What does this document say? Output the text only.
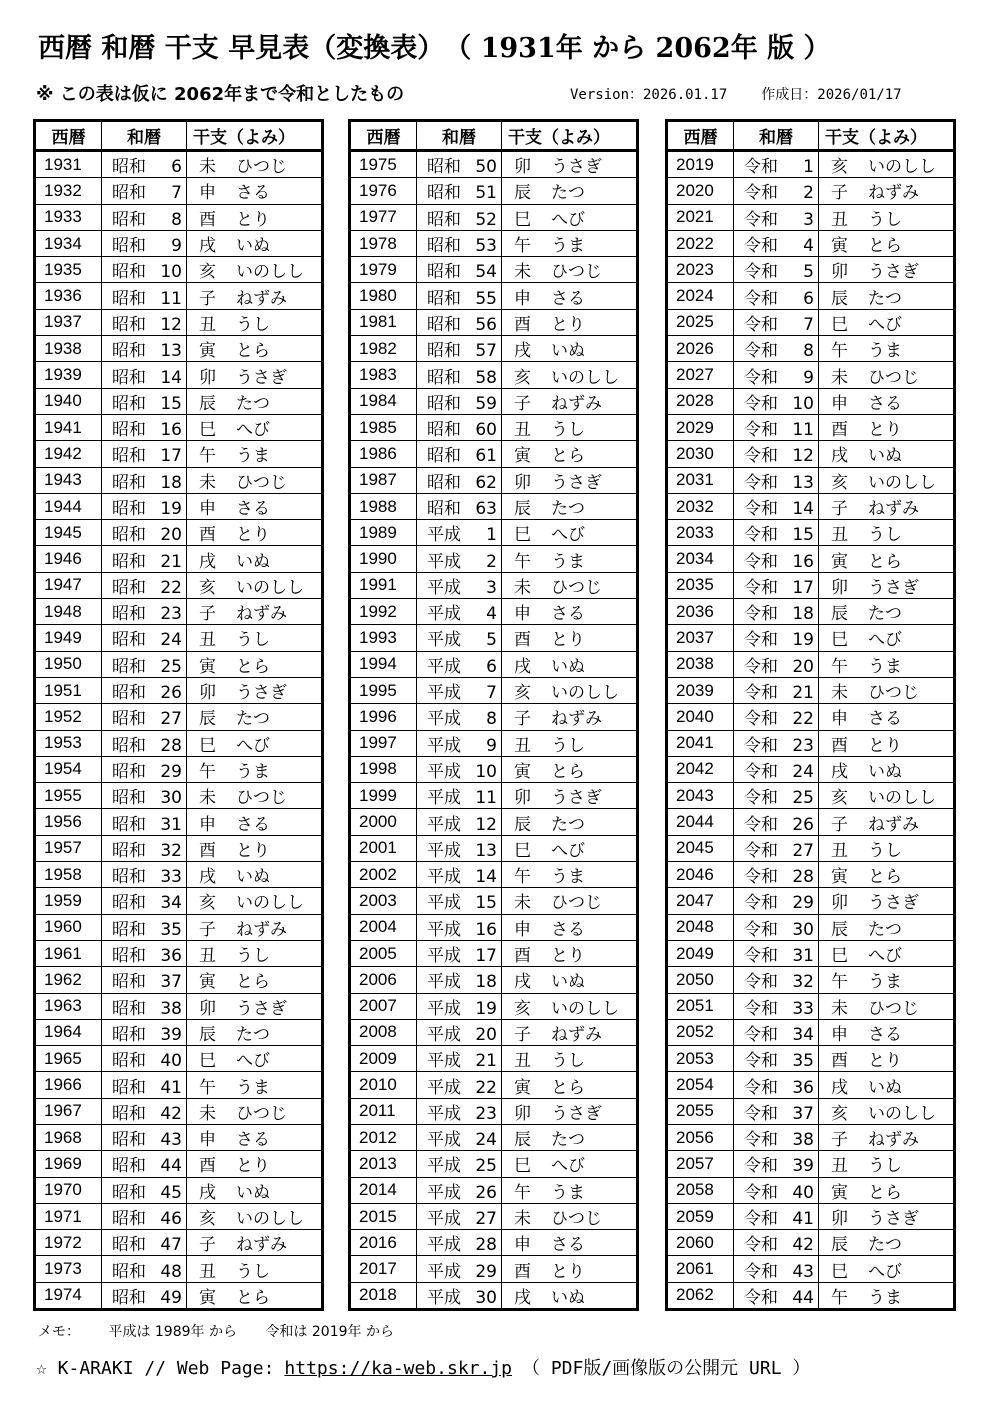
西暦 和暦 干支 早見表（変換表）　（ 1931年 から 2062年 版 ）
※ この表は仮に 2062年まで令和としたもの	Version：2026.01.17 作成日：2026/01/17
西暦	和暦	干支（よみ）
1931	昭和 6	未 ひつじ
1932	昭和 7	申 さる
1933	昭和 8	酉 とり
1934	昭和 9	戌 いぬ
1935	昭和 10	亥 いのしし
1936	昭和 11	子 ねずみ
1937	昭和 12	丑 うし
1938	昭和 13	寅 とら
1939	昭和 14	卯 うさぎ
1940	昭和 15	辰 たつ
1941	昭和 16	巳 へび
1942	昭和 17	午 うま
1943	昭和 18	未 ひつじ
1944	昭和 19	申 さる
1945	昭和 20	酉 とり
1946	昭和 21	戌 いぬ
1947	昭和 22	亥 いのしし
1948	昭和 23	子 ねずみ
1949	昭和 24	丑 うし
1950	昭和 25	寅 とら
1951	昭和 26	卯 うさぎ
1952	昭和 27	辰 たつ
1953	昭和 28	巳 へび
1954	昭和 29	午 うま
1955	昭和 30	未 ひつじ
1956	昭和 31	申 さる
1957	昭和 32	酉 とり
1958	昭和 33	戌 いぬ
1959	昭和 34	亥 いのしし
1960	昭和 35	子 ねずみ
1961	昭和 36	丑 うし
1962	昭和 37	寅 とら
1963	昭和 38	卯 うさぎ
1964	昭和 39	辰 たつ
1965	昭和 40	巳 へび
1966	昭和 41	午 うま
1967	昭和 42	未 ひつじ
1968	昭和 43	申 さる
1969	昭和 44	酉 とり
1970	昭和 45	戌 いぬ
1971	昭和 46	亥 いのしし
1972	昭和 47	子 ねずみ
1973	昭和 48	丑 うし
1974	昭和 49	寅 とら
西暦	和暦	干支（よみ）
1975	昭和 50	卯 うさぎ
1976	昭和 51	辰 たつ
1977	昭和 52	巳 へび
1978	昭和 53	午 うま
1979	昭和 54	未 ひつじ
1980	昭和 55	申 さる
1981	昭和 56	酉 とり
1982	昭和 57	戌 いぬ
1983	昭和 58	亥 いのしし
1984	昭和 59	子 ねずみ
1985	昭和 60	丑 うし
1986	昭和 61	寅 とら
1987	昭和 62	卯 うさぎ
1988	昭和 63	辰 たつ
1989	平成 1	巳 へび
1990	平成 2	午 うま
1991	平成 3	未 ひつじ
1992	平成 4	申 さる
1993	平成 5	酉 とり
1994	平成 6	戌 いぬ
1995	平成 7	亥 いのしし
1996	平成 8	子 ねずみ
1997	平成 9	丑 うし
1998	平成 10	寅 とら
1999	平成 11	卯 うさぎ
2000	平成 12	辰 たつ
2001	平成 13	巳 へび
2002	平成 14	午 うま
2003	平成 15	未 ひつじ
2004	平成 16	申 さる
2005	平成 17	酉 とり
2006	平成 18	戌 いぬ
2007	平成 19	亥 いのしし
2008	平成 20	子 ねずみ
2009	平成 21	丑 うし
2010	平成 22	寅 とら
2011	平成 23	卯 うさぎ
2012	平成 24	辰 たつ
2013	平成 25	巳 へび
2014	平成 26	午 うま
2015	平成 27	未 ひつじ
2016	平成 28	申 さる
2017	平成 29	酉 とり
2018	平成 30	戌 いぬ
西暦	和暦	干支（よみ）
2019	令和 1	亥 いのしし
2020	令和 2	子 ねずみ
2021	令和 3	丑 うし
2022	令和 4	寅 とら
2023	令和 5	卯 うさぎ
2024	令和 6	辰 たつ
2025	令和 7	巳 へび
2026	令和 8	午 うま
2027	令和 9	未 ひつじ
2028	令和 10	申 さる
2029	令和 11	酉 とり
2030	令和 12	戌 いぬ
2031	令和 13	亥 いのしし
2032	令和 14	子 ねずみ
2033	令和 15	丑 うし
2034	令和 16	寅 とら
2035	令和 17	卯 うさぎ
2036	令和 18	辰 たつ
2037	令和 19	巳 へび
2038	令和 20	午 うま
2039	令和 21	未 ひつじ
2040	令和 22	申 さる
2041	令和 23	酉 とり
2042	令和 24	戌 いぬ
2043	令和 25	亥 いのしし
2044	令和 26	子 ねずみ
2045	令和 27	丑 うし
2046	令和 28	寅 とら
2047	令和 29	卯 うさぎ
2048	令和 30	辰 たつ
2049	令和 31	巳 へび
2050	令和 32	午 うま
2051	令和 33	未 ひつじ
2052	令和 34	申 さる
2053	令和 35	酉 とり
2054	令和 36	戌 いぬ
2055	令和 37	亥 いのしし
2056	令和 38	子 ねずみ
2057	令和 39	丑 うし
2058	令和 40	寅 とら
2059	令和 41	卯 うさぎ
2060	令和 42	辰 たつ
2061	令和 43	巳 へび
2062	令和 44	午 うま
メモ： 平成は 1989年 から 令和は 2019年 から
☆ K-ARAKI // Web Page: https://ka-web.skr.jp （ PDF版/画像版の公開元 URL ）
